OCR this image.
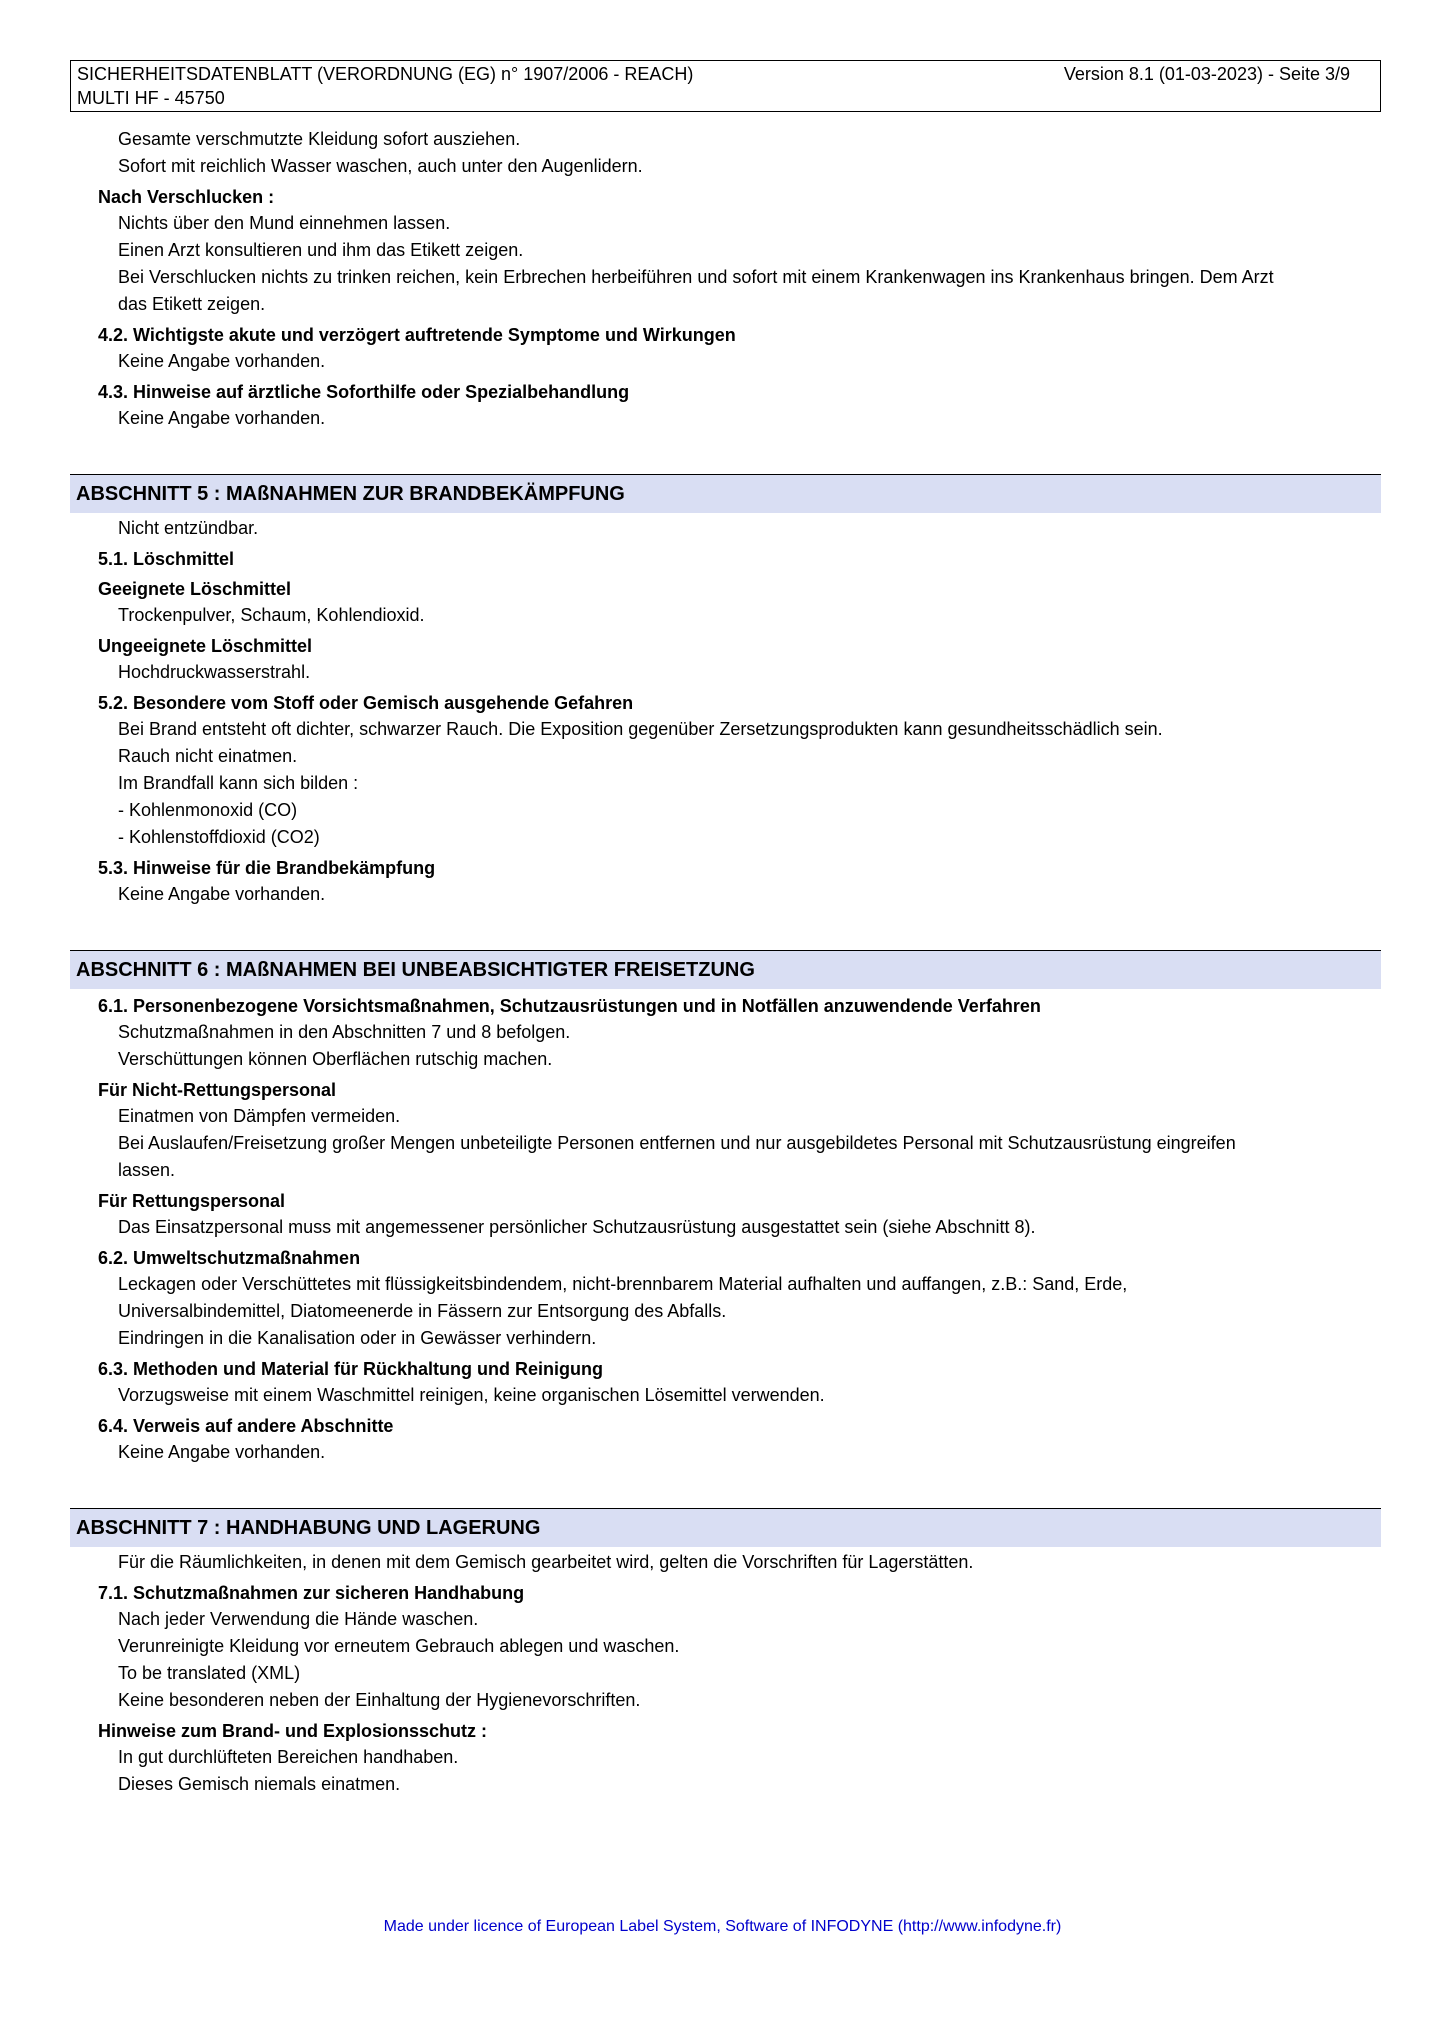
SICHERHEITSDATENBLATT (VERORDNUNG (EG) n° 1907/2006 - REACH)	Version 8.1 (01-03-2023) - Seite 3/9
MULTI HF - 45750
Gesamte verschmutzte Kleidung sofort ausziehen.
Sofort mit reichlich Wasser waschen, auch unter den Augenlidern.
Nach Verschlucken :
Nichts über den Mund einnehmen lassen.
Einen Arzt konsultieren und ihm das Etikett zeigen.
Bei Verschlucken nichts zu trinken reichen, kein Erbrechen herbeiführen und sofort mit einem Krankenwagen ins Krankenhaus bringen. Dem Arzt
das Etikett zeigen.
4.2. Wichtigste akute und verzögert auftretende Symptome und Wirkungen
Keine Angabe vorhanden.
4.3. Hinweise auf ärztliche Soforthilfe oder Spezialbehandlung
Keine Angabe vorhanden.
ABSCHNITT 5 : MAßNAHMEN ZUR BRANDBEKÄMPFUNG
Nicht entzündbar.
5.1. Löschmittel
Geeignete Löschmittel
Trockenpulver, Schaum, Kohlendioxid.
Ungeeignete Löschmittel
Hochdruckwasserstrahl.
5.2. Besondere vom Stoff oder Gemisch ausgehende Gefahren
Bei Brand entsteht oft dichter, schwarzer Rauch. Die Exposition gegenüber Zersetzungsprodukten kann gesundheitsschädlich sein.
Rauch nicht einatmen.
Im Brandfall kann sich bilden :
- Kohlenmonoxid (CO)
- Kohlenstoffdioxid (CO2)
5.3. Hinweise für die Brandbekämpfung
Keine Angabe vorhanden.
ABSCHNITT 6 : MAßNAHMEN BEI UNBEABSICHTIGTER FREISETZUNG
6.1. Personenbezogene Vorsichtsmaßnahmen, Schutzausrüstungen und in Notfällen anzuwendende Verfahren
Schutzmaßnahmen in den Abschnitten 7 und 8 befolgen.
Verschüttungen können Oberflächen rutschig machen.
Für Nicht-Rettungspersonal
Einatmen von Dämpfen vermeiden.
Bei Auslaufen/Freisetzung großer Mengen unbeteiligte Personen entfernen und nur ausgebildetes Personal mit Schutzausrüstung eingreifen
lassen.
Für Rettungspersonal
Das Einsatzpersonal muss mit angemessener persönlicher Schutzausrüstung ausgestattet sein (siehe Abschnitt 8).
6.2. Umweltschutzmaßnahmen
Leckagen oder Verschüttetes mit flüssigkeitsbindendem, nicht-brennbarem Material aufhalten und auffangen, z.B.: Sand, Erde,
Universalbindemittel, Diatomeenerde in Fässern zur Entsorgung des Abfalls.
Eindringen in die Kanalisation oder in Gewässer verhindern.
6.3. Methoden und Material für Rückhaltung und Reinigung
Vorzugsweise mit einem Waschmittel reinigen, keine organischen Lösemittel verwenden.
6.4. Verweis auf andere Abschnitte
Keine Angabe vorhanden.
ABSCHNITT 7 : HANDHABUNG UND LAGERUNG
Für die Räumlichkeiten, in denen mit dem Gemisch gearbeitet wird, gelten die Vorschriften für Lagerstätten.
7.1. Schutzmaßnahmen zur sicheren Handhabung
Nach jeder Verwendung die Hände waschen.
Verunreinigte Kleidung vor erneutem Gebrauch ablegen und waschen.
To be translated (XML)
Keine besonderen neben der Einhaltung der Hygienevorschriften.
Hinweise zum Brand- und Explosionsschutz :
In gut durchlüfteten Bereichen handhaben.
Dieses Gemisch niemals einatmen.
Made under licence of European Label System, Software of INFODYNE (http://www.infodyne.fr)
